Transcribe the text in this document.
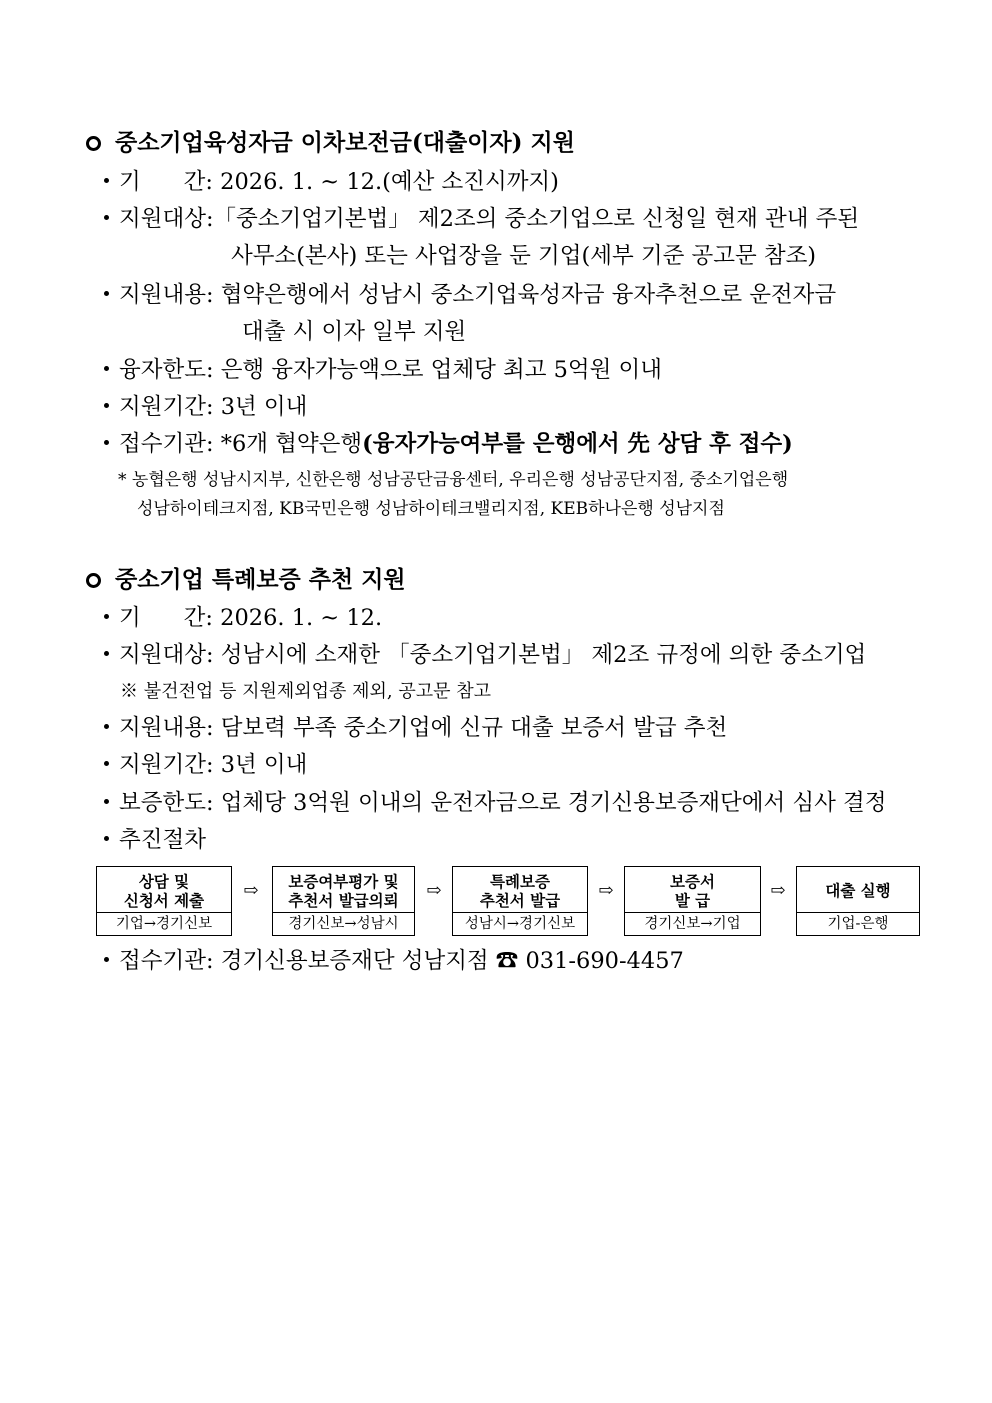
중소기업육성자금 이차보전금(대출이자) 지원
기      간: 2026. 1. ~ 12.(예산 소진시까지)
지원대상:「중소기업기본법」 제2조의 중소기업으로 신청일 현재 관내 주된
사무소(본사) 또는 사업장을 둔 기업(세부 기준 공고문 참조)
지원내용: 협약은행에서 성남시 중소기업육성자금 융자추천으로 운전자금
대출 시 이자 일부 지원
융자한도: 은행 융자가능액으로 업체당 최고 5억원 이내
지원기간: 3년 이내
접수기관: *6개 협약은행(융자가능여부를 은행에서 先 상담 후 접수)
* 농협은행 성남시지부, 신한은행 성남공단금융센터, 우리은행 성남공단지점, 중소기업은행
성남하이테크지점, KB국민은행 성남하이테크밸리지점, KEB하나은행 성남지점
중소기업 특례보증 추천 지원
기      간: 2026. 1. ~ 12.
지원대상: 성남시에 소재한 「중소기업기본법」 제2조 규정에 의한 중소기업
※ 불건전업 등 지원제외업종 제외, 공고문 참고
지원내용: 담보력 부족 중소기업에 신규 대출 보증서 발급 추천
지원기간: 3년 이내
보증한도: 업체당 3억원 이내의 운전자금으로 경기신용보증재단에서 심사 결정
추진절차
상담 및
신청서 제출
기업→경기신보
⇨	보증여부평가 및
추천서 발급의뢰
경기신보→성남시
⇨	특례보증
추천서 발급
성남시→경기신보
⇨	보증서
발 급
경기신보→기업
⇨	대출 실행
기업-은행
접수기관: 경기신용보증재단 성남지점 ☎ 031-690-4457
